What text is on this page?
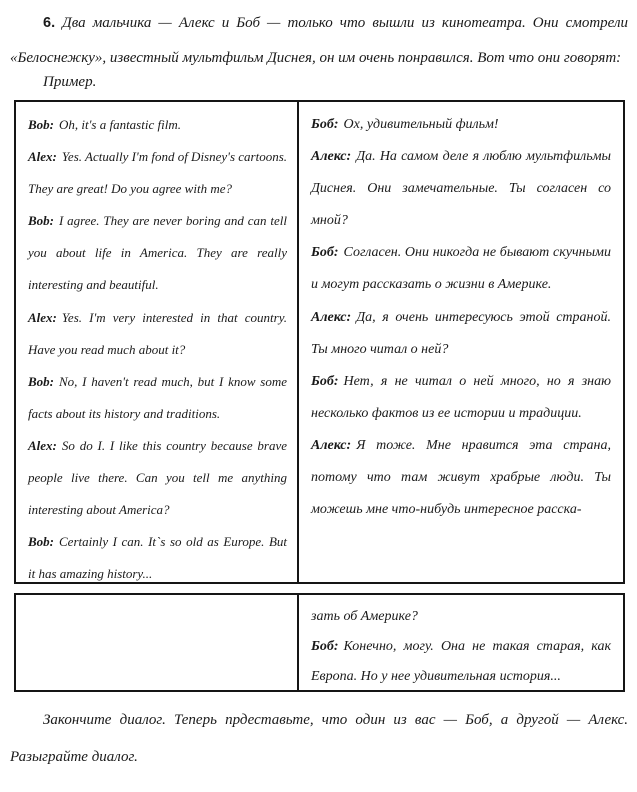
6. Два мальчика — Алекс и Боб — только что вышли из кинотеатра. Они смотрели «Белоснежку», известный мультфильм Диснея, он им очень понравился. Вот что они говорят:

Пример.

Bob: Oh, it's a fantastic film.
Alex: Yes. Actually I'm fond of Disney's cartoons. They are great! Do you agree with me?
Bob: I agree. They are never boring and can tell you about life in America. They are really interesting and beautiful.
Alex: Yes. I'm very interested in that country. Have you read much about it?
Bob: No, I haven't read much, but I know some facts about its history and traditions.
Alex: So do I. I like this country because brave people live there. Can you tell me anything interesting about America?
Bob: Certainly I can. It`s so old as Europe. But it has amazing history...
Боб: Ох, удивительный фильм!
Алекс: Да. На самом деле я люблю мультфильмы Диснея. Они замечательные. Ты согласен со мной?
Боб: Согласен. Они никогда не бывают скучными и могут рассказать о жизни в Америке.
Алекс: Да, я очень интересуюсь этой страной. Ты много читал о ней?
Боб: Нет, я не читал о ней много, но я знаю несколько фактов из ее истории и традиции.
Алекс: Я тоже. Мне нравится эта страна, потому что там живут храбрые люди. Ты можешь мне что-нибудь интересное расска-
зать об Америке?
Боб: Конечно, могу. Она не такая старая, как Европа. Но у нее удивительная история...

Закончите диалог. Теперь прдеставьте, что один из вас — Боб, а другой — Алекс. Разыграйте диалог.
